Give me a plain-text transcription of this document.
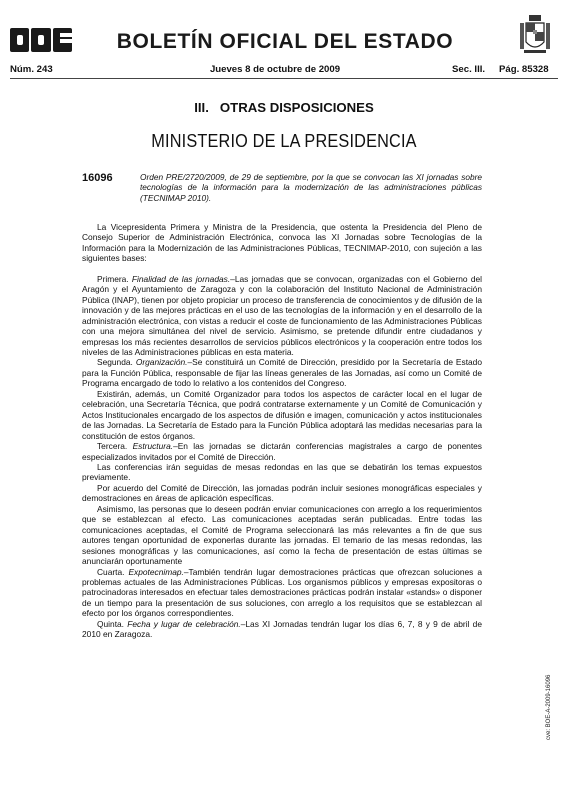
BOLETÍN OFICIAL DEL ESTADO
Núm. 243	Jueves 8 de octubre de 2009	Sec. III. Pág. 85328
III.   OTRAS DISPOSICIONES
MINISTERIO DE LA PRESIDENCIA
16096	Orden PRE/2720/2009, de 29 de septiembre, por la que se convocan las XI jornadas sobre tecnologías de la información para la modernización de las administraciones públicas (TECNIMAP 2010).

La Vicepresidenta Primera y Ministra de la Presidencia, que ostenta la Presidencia del Pleno de Consejo Superior de Administración Electrónica, convoca las XI Jornadas sobre Tecnologías de la Información para la Modernización de las Administraciones Públicas, TECNIMAP-2010, con sujeción a las siguientes bases:

Primera. Finalidad de las jornadas.–Las jornadas que se convocan, organizadas con el Gobierno del Aragón y el Ayuntamiento de Zaragoza y con la colaboración del Instituto Nacional de Administración Pública (INAP), tienen por objeto propiciar un proceso de transferencia de conocimientos y de difusión de la innovación y de las mejores prácticas en el uso de las tecnologías de la información y en el desarrollo de la administración electrónica, con vistas a reducir el coste de funcionamiento de las Administraciones Públicas con una mejora simultánea del nivel de servicio. Asimismo, se pretende difundir entre ciudadanos y empresas los más recientes desarrollos de servicios públicos electrónicos y la cooperación entre todos los niveles de las Administraciones públicas en esta materia.

Segunda. Organización.–Se constituirá un Comité de Dirección, presidido por la Secretaría de Estado para la Función Pública, responsable de fijar las líneas generales de las Jornadas, así como un Comité de Programa encargado de todo lo relativo a los contenidos del Congreso.

Existirán, además, un Comité Organizador para todos los aspectos de carácter local en el lugar de celebración, una Secretaría Técnica, que podrá contratarse externamente y un Comité de Comunicación y Actos Institucionales encargado de los aspectos de difusión e imagen, comunicación y actos institucionales de las Jornadas. La Secretaría de Estado para la Función Pública adoptará las medidas necesarias para la constitución de estos órganos.

Tercera. Estructura.–En las jornadas se dictarán conferencias magistrales a cargo de ponentes especializados invitados por el Comité de Dirección.

Las conferencias irán seguidas de mesas redondas en las que se debatirán los temas expuestos previamente.

Por acuerdo del Comité de Dirección, las jornadas podrán incluir sesiones monográficas especiales y demostraciones en áreas de aplicación específicas.

Asimismo, las personas que lo deseen podrán enviar comunicaciones con arreglo a los requerimientos que se establezcan al efecto. Las comunicaciones aceptadas serán publicadas. Entre todas las comunicaciones aceptadas, el Comité de Programa seleccionará las más relevantes a fin de que sus autores tengan oportunidad de exponerlas durante las jornadas. El temario de las mesas redondas, las sesiones monográficas y las comunicaciones, así como la fecha de presentación de estas últimas se anunciarán oportunamente

Cuarta. Expotecnimap.–También tendrán lugar demostraciones prácticas que ofrezcan soluciones a problemas actuales de las Administraciones Públicas. Los organismos públicos y empresas expositoras o patrocinadoras interesados en efectuar tales demostraciones prácticas podrán instalar «stands» o disponer de un tiempo para la presentación de sus soluciones, con arreglo a los requisitos que se establezcan al efecto por los órganos correspondientes.

Quinta. Fecha y lugar de celebración.–Las XI Jornadas tendrán lugar los días 6, 7, 8 y 9 de abril de 2010 en Zaragoza.

cve: BOE-A-2009-16096
